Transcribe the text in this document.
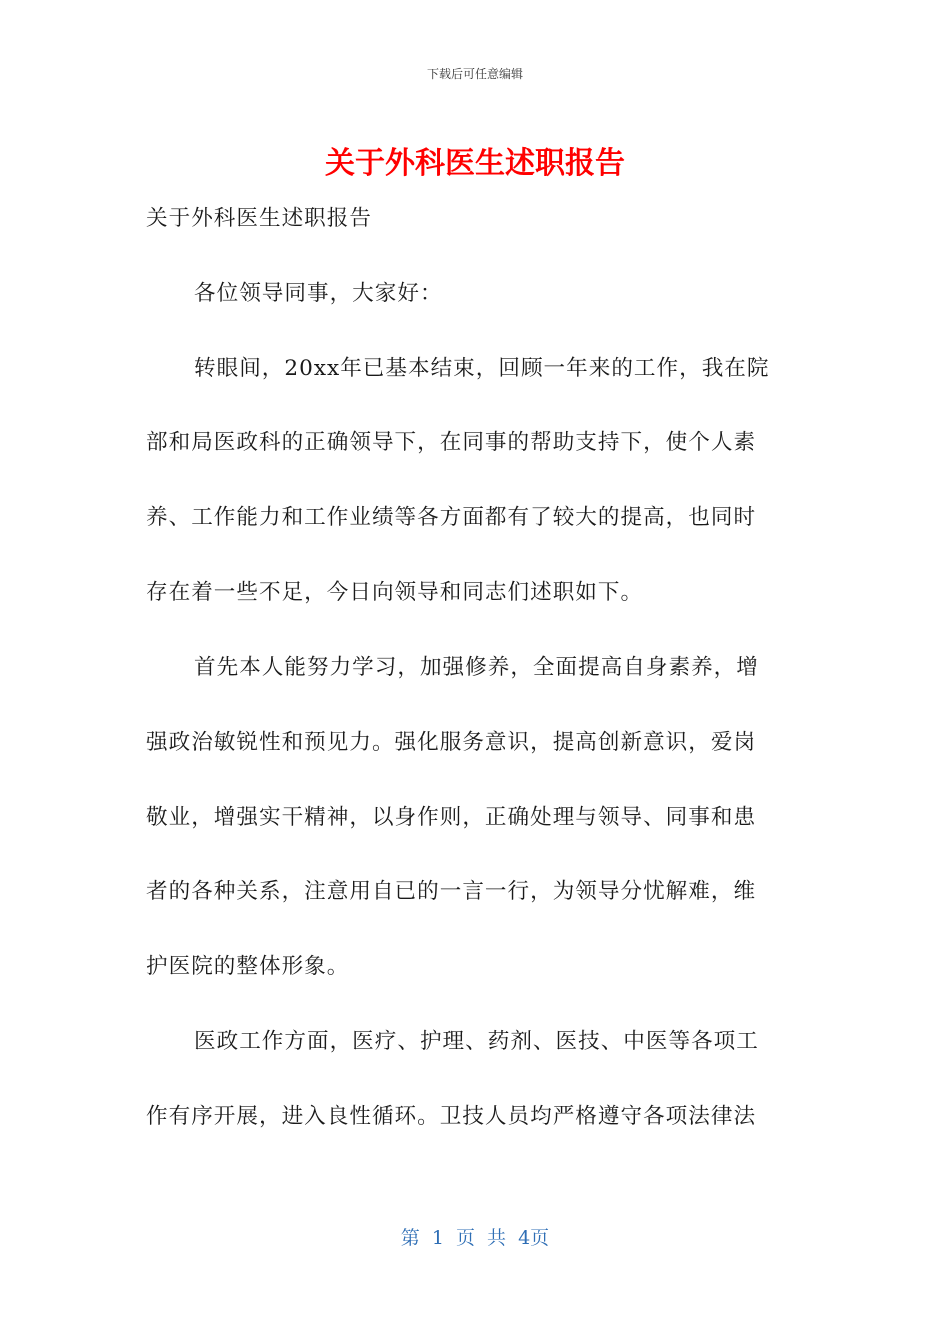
下载后可任意编辑
关于外科医生述职报告

关于外科医生述职报告

各位领导同事，大家好：

转眼间，20xx年已基本结束，回顾一年来的工作，我在院

部和局医政科的正确领导下，在同事的帮助支持下，使个人素

养、工作能力和工作业绩等各方面都有了较大的提高，也同时

存在着一些不足，今日向领导和同志们述职如下。

首先本人能努力学习，加强修养，全面提高自身素养，增

强政治敏锐性和预见力。强化服务意识，提高创新意识，爱岗

敬业，增强实干精神，以身作则，正确处理与领导、同事和患

者的各种关系，注意用自已的一言一行，为领导分忧解难，维

护医院的整体形象。

医政工作方面，医疗、护理、药剂、医技、中医等各项工

作有序开展，进入良性循环。卫技人员均严格遵守各项法律法

第 1 页 共 4页
